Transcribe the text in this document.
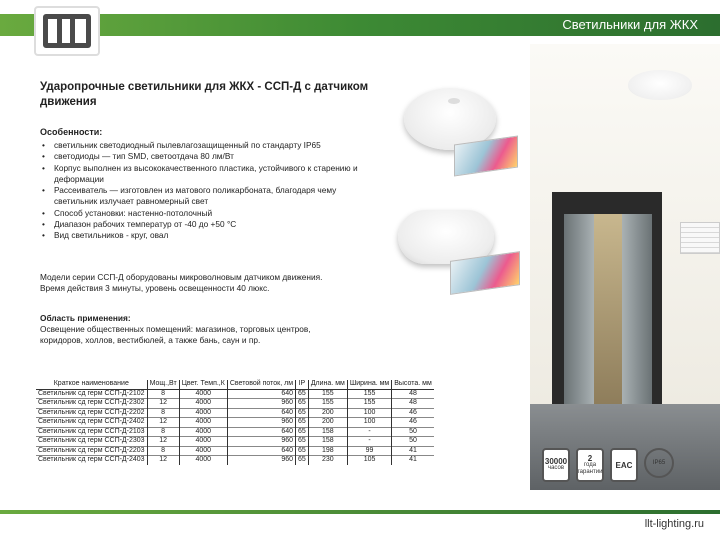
Светильники для ЖКХ
Ударопрочные светильники для ЖКХ - ССП-Д с датчиком движения
Особенности:
• светильник светодиодный пылевлагозащищенный по стандарту IP65
• светодиоды — тип SMD, светоотдача 80 лм/Вт
• Корпус выполнен из высококачественного пластика, устойчивого к старению и деформации
• Рассеиватель — изготовлен из матового поликарбоната, благодаря чему светильник излучает равномерный свет
• Способ установки: настенно-потолочный
• Диапазон рабочих температур от -40 до +50 °C
• Вид светильников - круг, овал
Модели серии ССП-Д оборудованы микроволновым датчиком движения.
Время действия 3 минуты, уровень освещенности 40 люкс.
Область применения:
Освещение общественных помещений: магазинов, торговых центров, коридоров, холлов, вестибюлей, а также бань, саун и пр.
Краткое наименование	Мощ.,Вт	Цвет. Темп.,К	Световой поток, лм	IP	Длина. мм	Ширина. мм	Высота. мм
Светильник сд герм ССП-Д-2102	8	4000	640	65	155	155	48
Светильник сд герм ССП-Д-2302	12	4000	960	65	155	155	48
Светильник сд герм ССП-Д-2202	8	4000	640	65	200	100	46
Светильник сд герм ССП-Д-2402	12	4000	960	65	200	100	46
Светильник сд герм ССП-Д-2103	8	4000	640	65	158	-	50
Светильник сд герм ССП-Д-2303	12	4000	960	65	158	-	50
Светильник сд герм ССП-Д-2203	8	4000	640	65	198	99	41
Светильник сд герм ССП-Д-2403	12	4000	960	65	230	105	41	30000
часов
2
года гарантии
EAC	IP65
llt-lighting.ru
